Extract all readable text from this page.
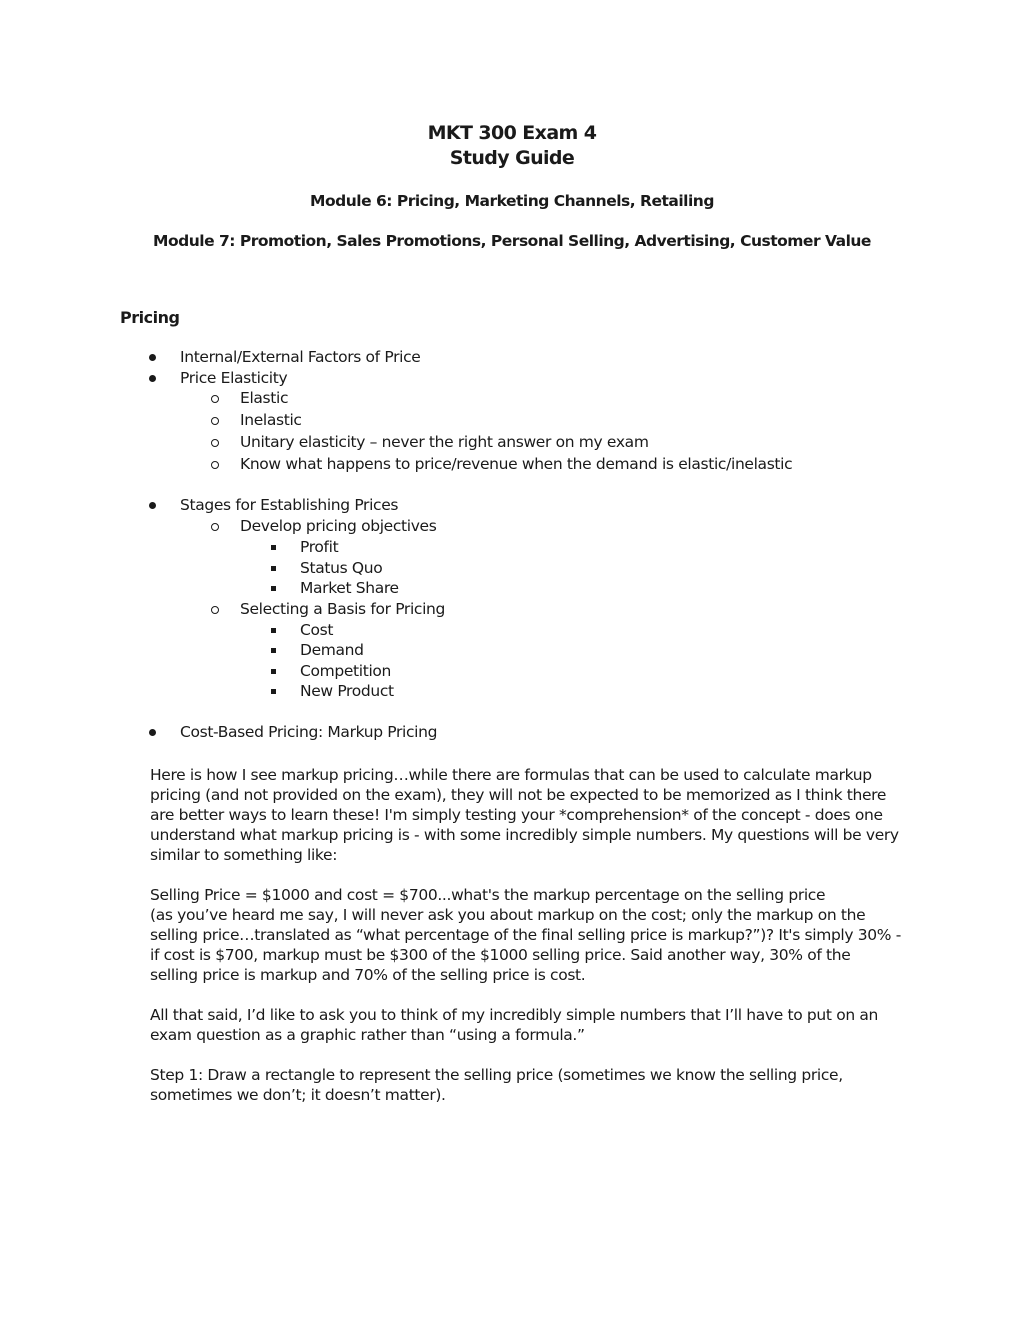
MKT 300 Exam 4
Study Guide
Module 6: Pricing, Marketing Channels, Retailing
Module 7: Promotion, Sales Promotions, Personal Selling, Advertising, Customer Value
Pricing
Internal/External Factors of Price
Price Elasticity
Elastic
Inelastic
Unitary elasticity – never the right answer on my exam
Know what happens to price/revenue when the demand is elastic/inelastic
Stages for Establishing Prices
Develop pricing objectives
Profit
Status Quo
Market Share
Selecting a Basis for Pricing
Cost
Demand
Competition
New Product
Cost-Based Pricing: Markup Pricing
Here is how I see markup pricing…while there are formulas that can be used to calculate markup
pricing (and not provided on the exam), they will not be expected to be memorized as I think there
are better ways to learn these! I'm simply testing your *comprehension* of the concept - does one
understand what markup pricing is - with some incredibly simple numbers. My questions will be very
similar to something like:
Selling Price = $1000 and cost = $700...what's the markup percentage on the selling price
(as you’ve heard me say, I will never ask you about markup on the cost; only the markup on the
selling price…translated as “what percentage of the final selling price is markup?”)? It's simply 30% -
if cost is $700, markup must be $300 of the $1000 selling price. Said another way, 30% of the
selling price is markup and 70% of the selling price is cost.
All that said, I’d like to ask you to think of my incredibly simple numbers that I’ll have to put on an
exam question as a graphic rather than “using a formula.”
Step 1: Draw a rectangle to represent the selling price (sometimes we know the selling price,
sometimes we don’t; it doesn’t matter).
